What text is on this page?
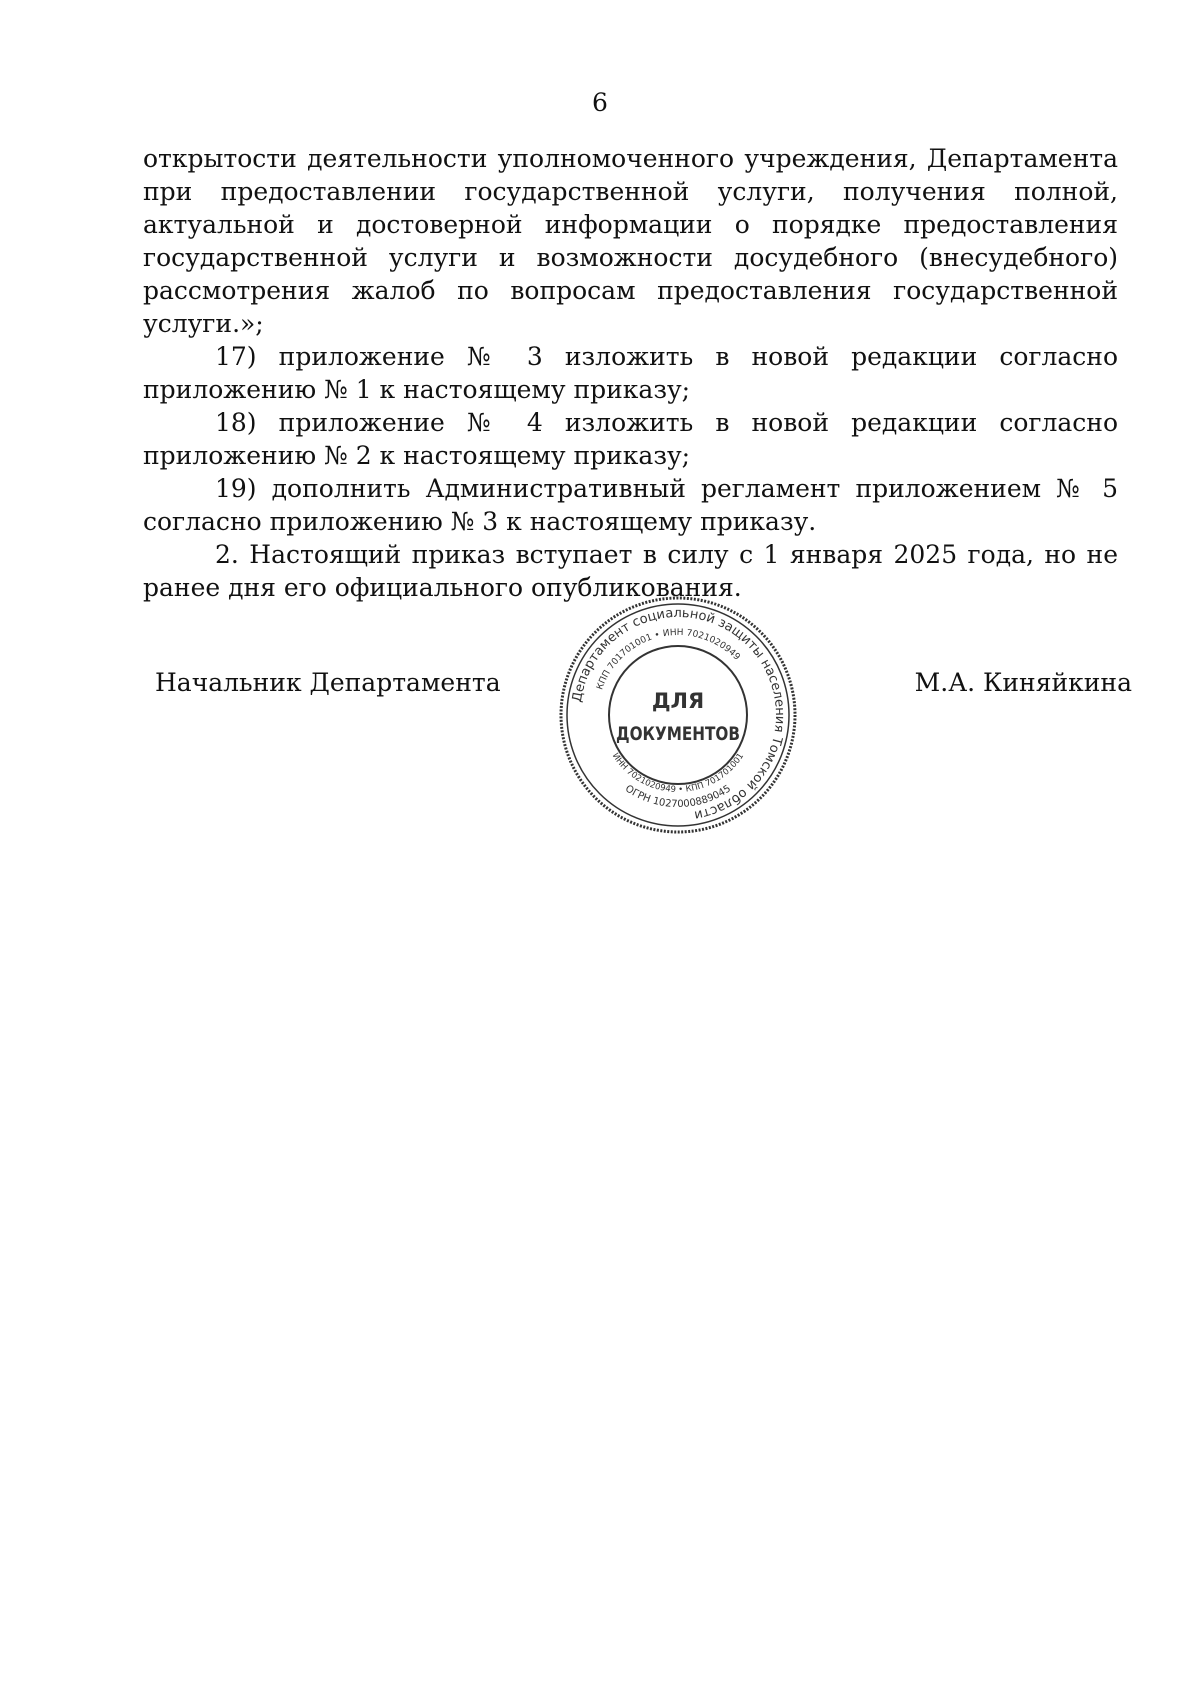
6

открытости деятельности уполномоченного учреждения, Департамента при предоставлении государственной услуги, получения полной, актуальной и достоверной информации о порядке предоставления государственной услуги и возможности досудебного (внесудебного) рассмотрения жалоб по вопросам предоставления государственной услуги.»;

17) приложение № 3 изложить в новой редакции согласно приложению № 1 к настоящему приказу;

18) приложение № 4 изложить в новой редакции согласно приложению № 2 к настоящему приказу;

19) дополнить Административный регламент приложением № 5 согласно приложению № 3 к настоящему приказу.

2. Настоящий приказ вступает в силу с 1 января 2025 года, но не ранее дня его официального опубликования.

Начальник Департамента
Департамент социальной защиты населения Томской области
КПП 701701001 • ИНН 7021020949
ОГРН 1027000889045
ИНН 7021020949 • КПП 701701001
ДЛЯ
ДОКУМЕНТОВ
М.А. Киняйкина
